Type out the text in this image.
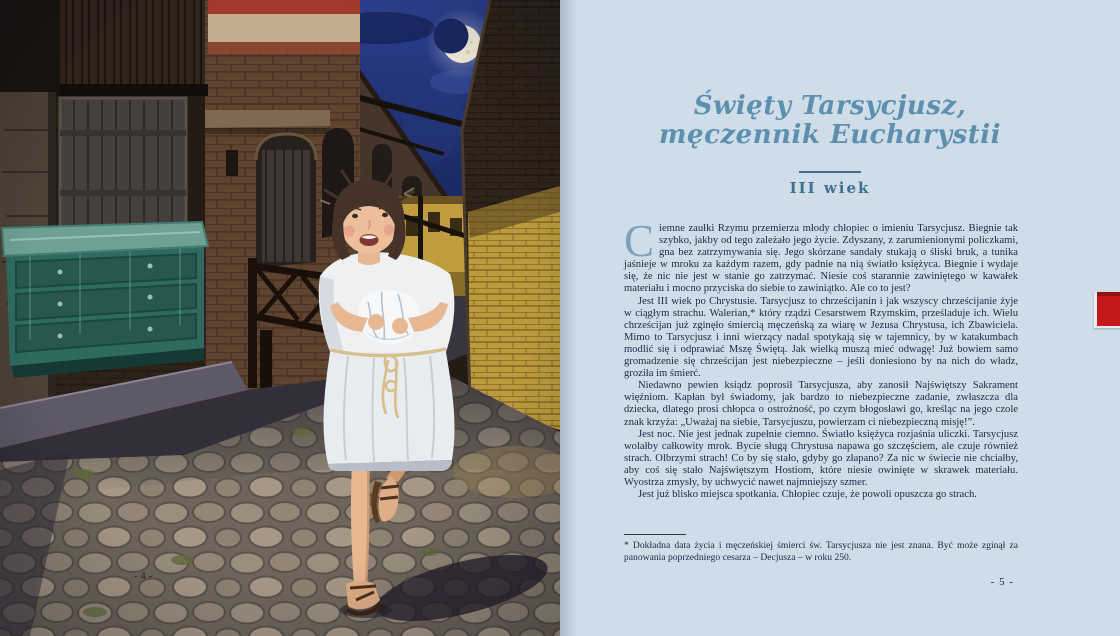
- 4 -
Święty Tarsycjusz,
męczennik Eucharystii
III wiek

Ciemne zaułki Rzymu przemierza młody chłopiec o imieniu Tarsycjusz. Biegnie tak szybko, jakby od tego zależało jego życie. Zdyszany, z zarumienionymi policzkami, gna bez zatrzymywania się. Jego skórzane sandały stukają o śliski bruk, a tunika jaśnieje w mroku za każdym razem, gdy padnie na nią światło księżyca. Biegnie i wydaje się, że nic nie jest w stanie go zatrzymać. Niesie coś starannie zawiniętego w kawałek materiału i mocno przyciska do siebie to zawiniątko. Ale co to jest?

Jest III wiek po Chrystusie. Tarsycjusz to chrześcijanin i jak wszyscy chrześcijanie żyje w ciągłym strachu. Walerian,* który rządzi Cesarstwem Rzymskim, prześladuje ich. Wielu chrześcijan już zginęło śmiercią męczeńską za wiarę w Jezusa Chrystusa, ich Zbawiciela. Mimo to Tarsycjusz i inni wierzący nadal spotykają się w tajemnicy, by w katakumbach modlić się i odprawiać Mszę Świętą. Jak wielką muszą mieć odwagę! Już bowiem samo gromadzenie się chrześcijan jest niebezpieczne – jeśli doniesiono by na nich do władz, groziła im śmierć.

Niedawno pewien ksiądz poprosił Tarsycjusza, aby zanosił Najświętszy Sakrament więźniom. Kapłan był świadomy, jak bardzo to niebezpieczne zadanie, zwłaszcza dla dziecka, dlatego prosi chłopca o ostrożność, po czym błogosławi go, kreśląc na jego czole znak krzyża: „Uważaj na siebie, Tarsycjuszu, powierzam ci niebezpieczną misję!”.

Jest noc. Nie jest jednak zupełnie ciemno. Światło księżyca rozjaśnia uliczki. Tarsycjusz wolałby całkowity mrok. Bycie sługą Chrystusa napawa go szczęściem, ale czuje również strach. Olbrzymi strach! Co by się stało, gdyby go złapano? Za nic w świecie nie chciałby, aby coś się stało Najświętszym Hostiom, które niesie owinięte w skrawek materiału. Wyostrza zmysły, by uchwycić nawet najmniejszy szmer.

Jest już blisko miejsca spotkania. Chłopiec czuje, że powoli opuszcza go strach.

* Dokładna data życia i męczeńskiej śmierci św. Tarsycjusza nie jest znana. Być może zginął za panowania poprzedniego cesarza – Decjusza – w roku 250.

- 5 -
